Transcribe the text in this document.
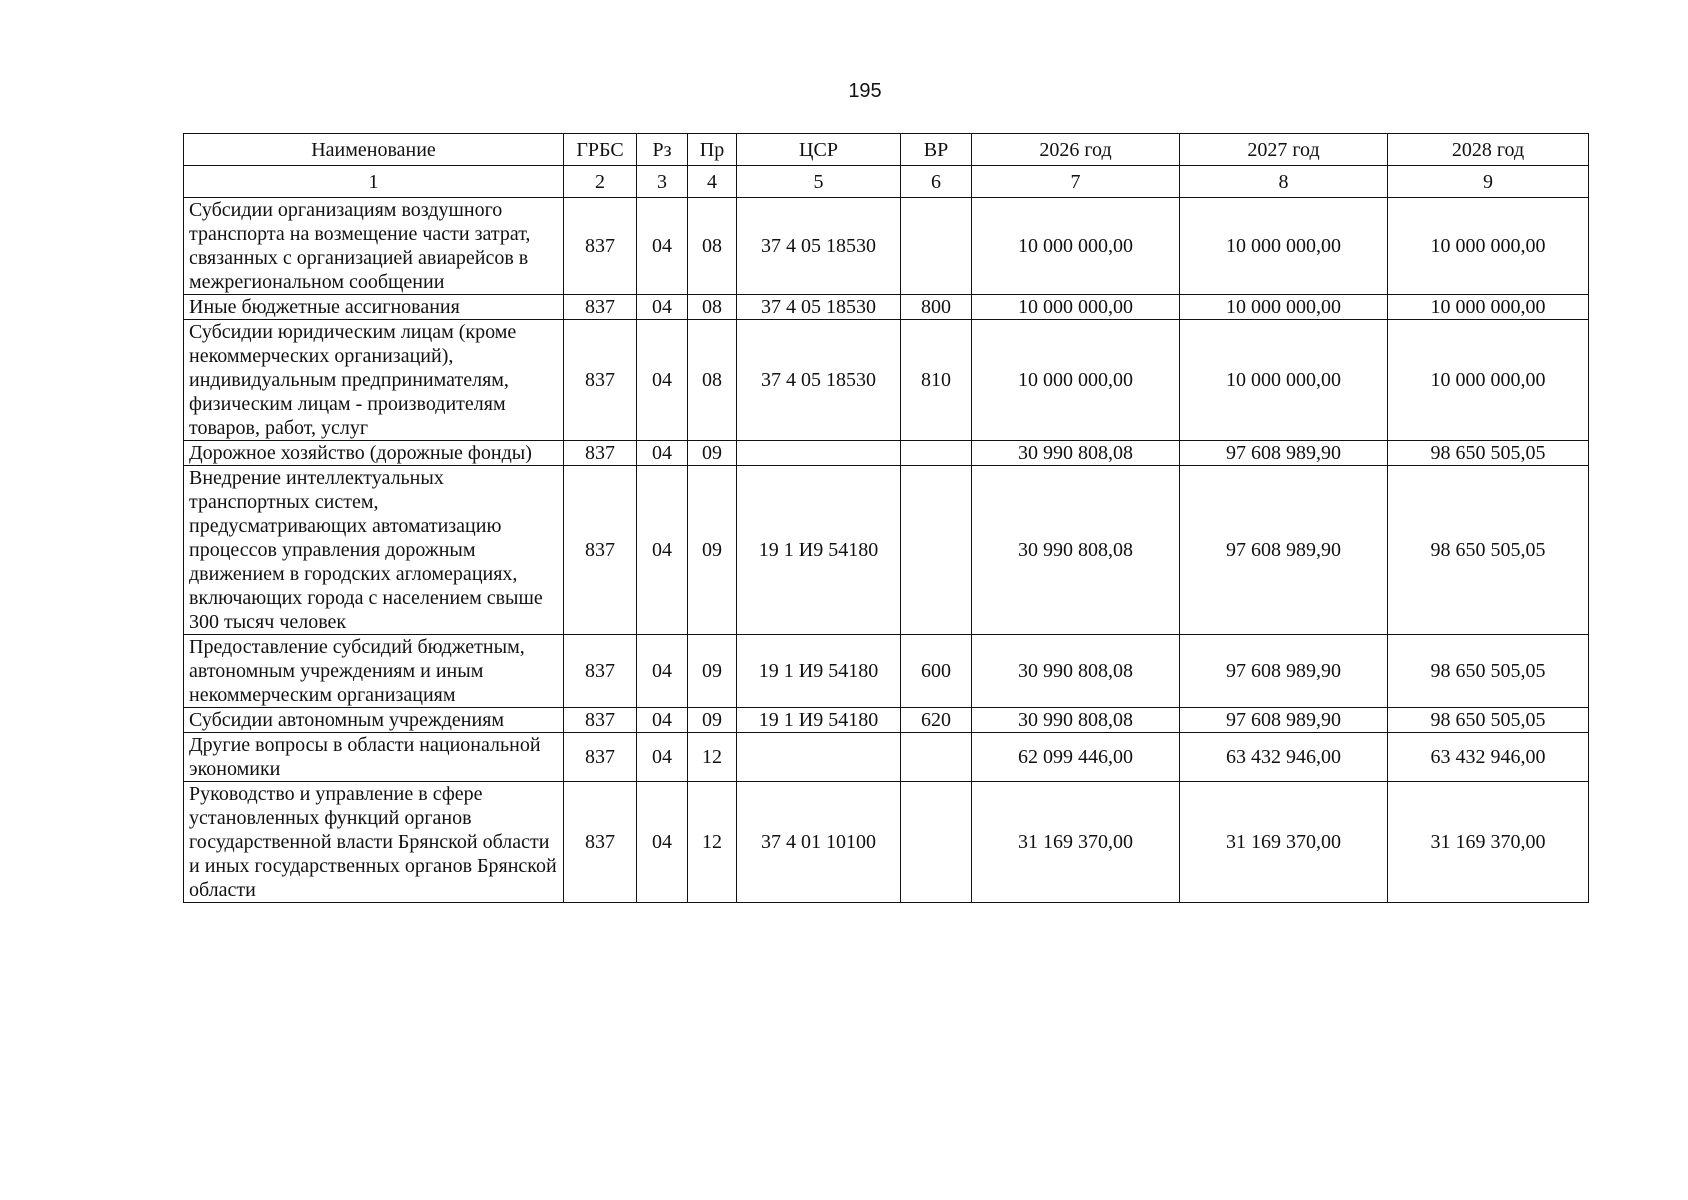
195
Наименование	ГРБС	Рз	Пр	ЦСР	ВР	2026 год	2027 год	2028 год
1	2	3	4	5	6	7	8	9
Субсидии организациям воздушного транспорта на возмещение части затрат, связанных с организацией авиарейсов в межрегиональном сообщении	837	04	08	37 4 05 18530		10 000 000,00	10 000 000,00	10 000 000,00
Иные бюджетные ассигнования	837	04	08	37 4 05 18530	800	10 000 000,00	10 000 000,00	10 000 000,00
Субсидии юридическим лицам (кроме некоммерческих организаций), индивидуальным предпринимателям, физическим лицам - производителям товаров, работ, услуг	837	04	08	37 4 05 18530	810	10 000 000,00	10 000 000,00	10 000 000,00
Дорожное хозяйство (дорожные фонды)	837	04	09			30 990 808,08	97 608 989,90	98 650 505,05
Внедрение интеллектуальных транспортных систем, предусматривающих автоматизацию процессов управления дорожным движением в городских агломерациях, включающих города с населением свыше 300 тысяч человек	837	04	09	19 1 И9 54180		30 990 808,08	97 608 989,90	98 650 505,05
Предоставление субсидий бюджетным, автономным учреждениям и иным некоммерческим организациям	837	04	09	19 1 И9 54180	600	30 990 808,08	97 608 989,90	98 650 505,05
Субсидии автономным учреждениям	837	04	09	19 1 И9 54180	620	30 990 808,08	97 608 989,90	98 650 505,05
Другие вопросы в области национальной экономики	837	04	12			62 099 446,00	63 432 946,00	63 432 946,00
Руководство и управление в сфере установленных функций органов государственной власти Брянской области и иных государственных органов Брянской области	837	04	12	37 4 01 10100		31 169 370,00	31 169 370,00	31 169 370,00
